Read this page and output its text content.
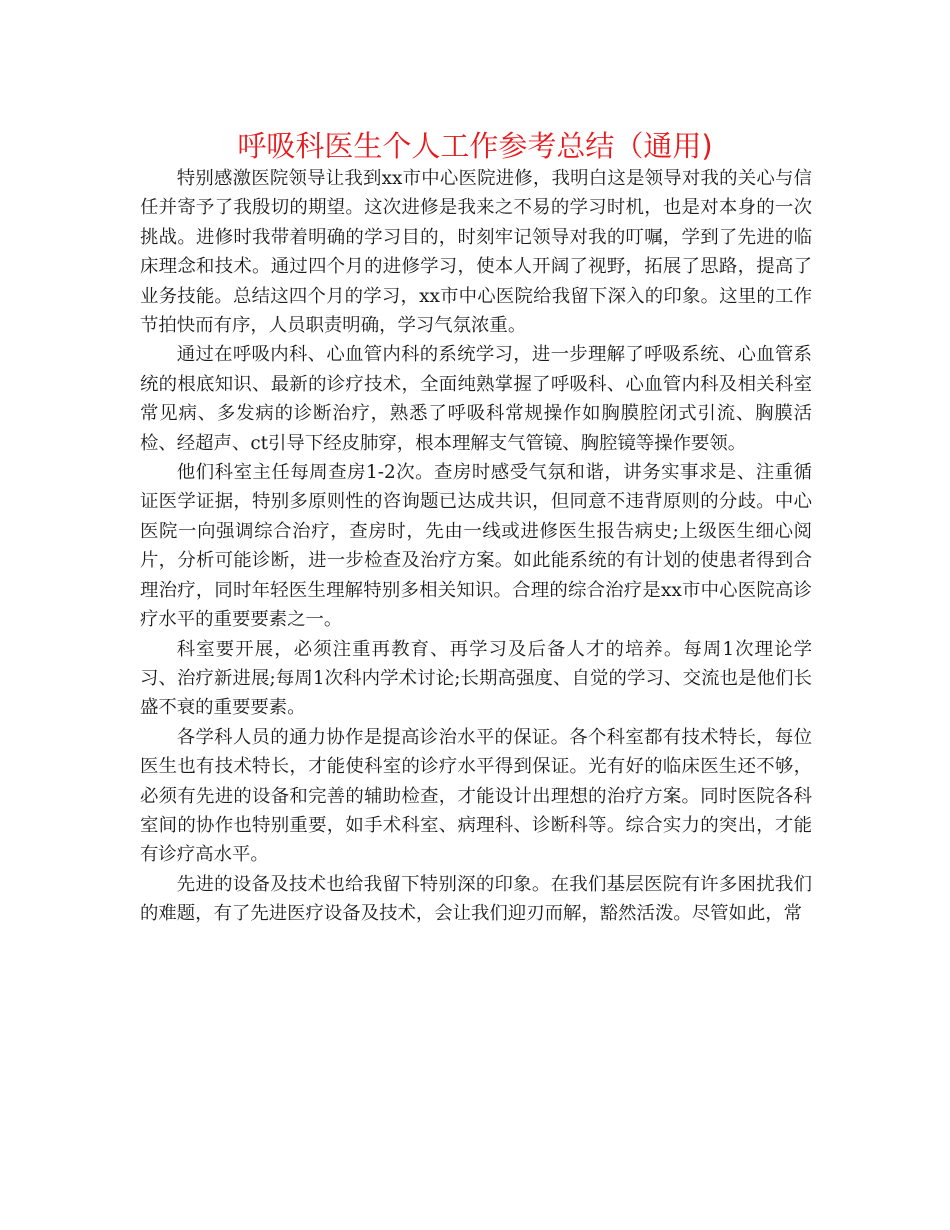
呼吸科医生个人工作参考总结（通用)

特别感激医院领导让我到xx市中心医院进修，我明白这是领导对我的关心与信任并寄予了我殷切的期望。这次进修是我来之不易的学习时机，也是对本身的一次挑战。进修时我带着明确的学习目的，时刻牢记领导对我的叮嘱，学到了先进的临床理念和技术。通过四个月的进修学习，使本人开阔了视野，拓展了思路，提高了业务技能。总结这四个月的学习，xx市中心医院给我留下深入的印象。这里的工作节拍快而有序，人员职责明确，学习气氛浓重。

通过在呼吸内科、心血管内科的系统学习，进一步理解了呼吸系统、心血管系统的根底知识、最新的诊疗技术，全面纯熟掌握了呼吸科、心血管内科及相关科室常见病、多发病的诊断治疗，熟悉了呼吸科常规操作如胸膜腔闭式引流、胸膜活检、经超声、ct引导下经皮肺穿，根本理解支气管镜、胸腔镜等操作要领。

他们科室主任每周查房1-2次。查房时感受气氛和谐，讲务实事求是、注重循证医学证据，特别多原则性的咨询题已达成共识，但同意不违背原则的分歧。中心医院一向强调综合治疗，查房时，先由一线或进修医生报告病史;上级医生细心阅片，分析可能诊断，进一步检查及治疗方案。如此能系统的有计划的使患者得到合理治疗，同时年轻医生理解特别多相关知识。合理的综合治疗是xx市中心医院高诊疗水平的重要要素之一。

科室要开展，必须注重再教育、再学习及后备人才的培养。每周1次理论学习、治疗新进展;每周1次科内学术讨论;长期高强度、自觉的学习、交流也是他们长盛不衰的重要要素。

各学科人员的通力协作是提高诊治水平的保证。各个科室都有技术特长，每位医生也有技术特长，才能使科室的诊疗水平得到保证。光有好的临床医生还不够，必须有先进的设备和完善的辅助检查，才能设计出理想的治疗方案。同时医院各科室间的协作也特别重要，如手术科室、病理科、诊断科等。综合实力的突出，才能有诊疗高水平。

先进的设备及技术也给我留下特别深的印象。在我们基层医院有许多困扰我们的难题，有了先进医疗设备及技术，会让我们迎刃而解，豁然活泼。尽管如此，常
